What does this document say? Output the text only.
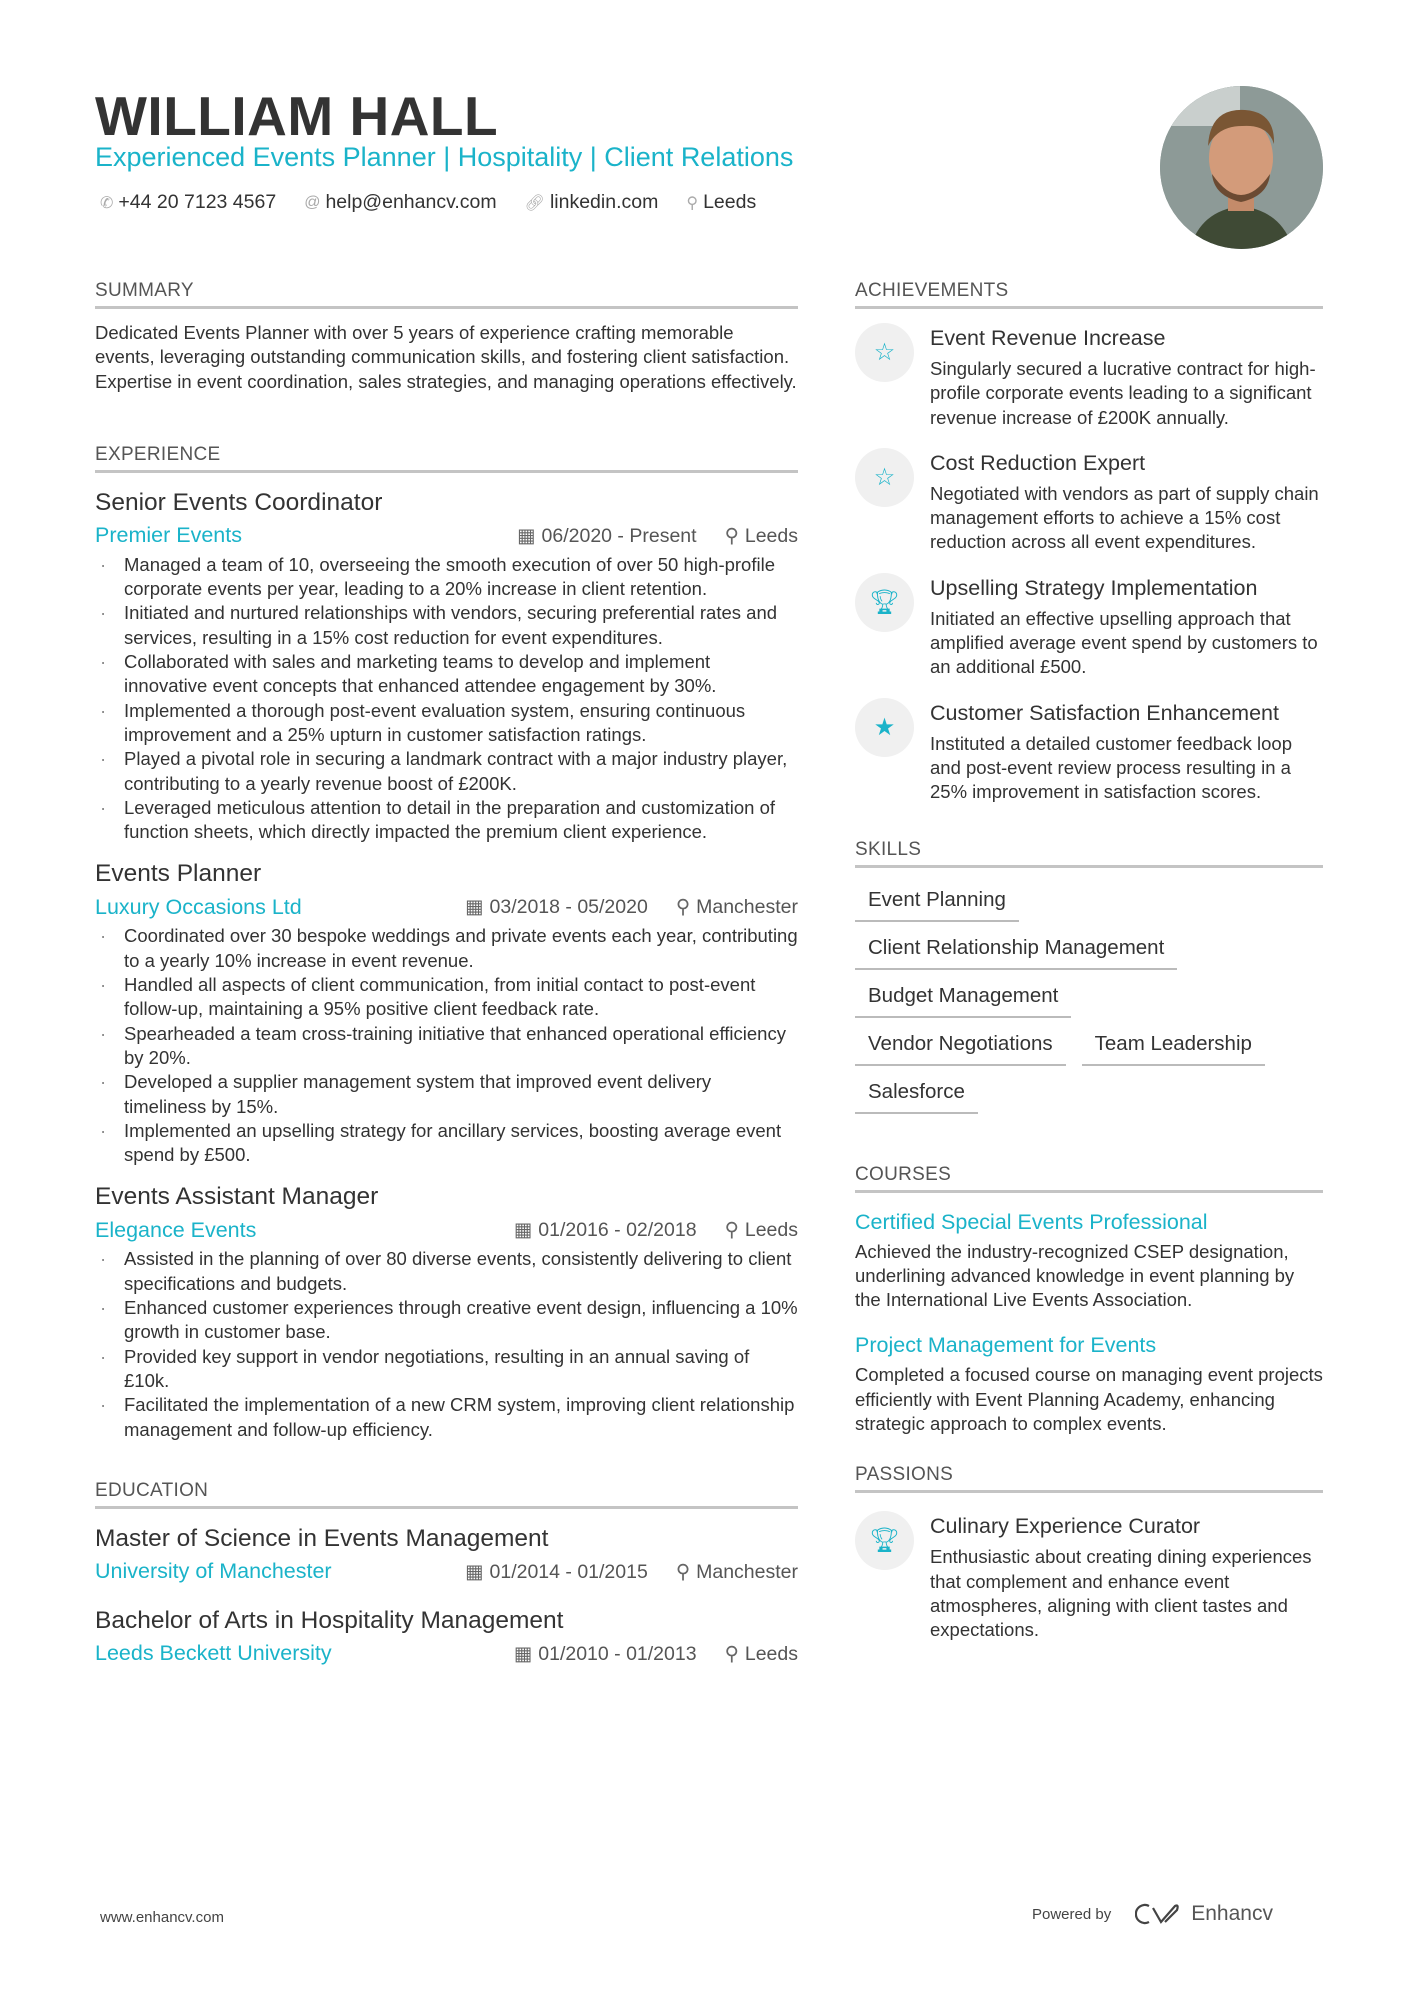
WILLIAM HALL
Experienced Events Planner | Hospitality | Client Relations
✆ +44 20 7123 4567 @ help@enhancv.com 🔗︎ linkedin.com ⚲ Leeds
SUMMARY

Dedicated Events Planner with over 5 years of experience crafting memorable events, leveraging outstanding communication skills, and fostering client satisfaction. Expertise in event coordination, sales strategies, and managing operations effectively.

EXPERIENCE
Senior Events Coordinator
Premier Events	▦ 06/2020 - Present ⚲ Leeds
· Managed a team of 10, overseeing the smooth execution of over 50 high-profile corporate events per year, leading to a 20% increase in client retention.
· Initiated and nurtured relationships with vendors, securing preferential rates and services, resulting in a 15% cost reduction for event expenditures.
· Collaborated with sales and marketing teams to develop and implement innovative event concepts that enhanced attendee engagement by 30%.
· Implemented a thorough post-event evaluation system, ensuring continuous improvement and a 25% upturn in customer satisfaction ratings.
· Played a pivotal role in securing a landmark contract with a major industry player, contributing to a yearly revenue boost of £200K.
· Leveraged meticulous attention to detail in the preparation and customization of function sheets, which directly impacted the premium client experience.
Events Planner
Luxury Occasions Ltd	▦ 03/2018 - 05/2020 ⚲ Manchester
· Coordinated over 30 bespoke weddings and private events each year, contributing to a yearly 10% increase in event revenue.
· Handled all aspects of client communication, from initial contact to post-event follow-up, maintaining a 95% positive client feedback rate.
· Spearheaded a team cross-training initiative that enhanced operational efficiency by 20%.
· Developed a supplier management system that improved event delivery timeliness by 15%.
· Implemented an upselling strategy for ancillary services, boosting average event spend by £500.
Events Assistant Manager
Elegance Events	▦ 01/2016 - 02/2018 ⚲ Leeds
· Assisted in the planning of over 80 diverse events, consistently delivering to client specifications and budgets.
· Enhanced customer experiences through creative event design, influencing a 10% growth in customer base.
· Provided key support in vendor negotiations, resulting in an annual saving of £10k.
· Facilitated the implementation of a new CRM system, improving client relationship management and follow-up efficiency.
EDUCATION
Master of Science in Events Management
University of Manchester	▦ 01/2014 - 01/2015 ⚲ Manchester
Bachelor of Arts in Hospitality Management
Leeds Beckett University	▦ 01/2010 - 01/2013 ⚲ Leeds
ACHIEVEMENTS
☆
Event Revenue Increase
Singularly secured a lucrative contract for high-profile corporate events leading to a significant revenue increase of £200K annually.
☆
Cost Reduction Expert
Negotiated with vendors as part of supply chain management efforts to achieve a 15% cost reduction across all event expenditures.
🏆︎
Upselling Strategy Implementation
Initiated an effective upselling approach that amplified average event spend by customers to an additional £500.
★
Customer Satisfaction Enhancement
Instituted a detailed customer feedback loop and post-event review process resulting in a 25% improvement in satisfaction scores.
SKILLS
Event Planning
Client Relationship Management
Budget Management
Vendor Negotiations	Team Leadership
Salesforce
COURSES
Certified Special Events Professional
Achieved the industry-recognized CSEP designation, underlining advanced knowledge in event planning by the International Live Events Association.
Project Management for Events
Completed a focused course on managing event projects efficiently with Event Planning Academy, enhancing strategic approach to complex events.
PASSIONS
🏆︎
Culinary Experience Curator
Enthusiastic about creating dining experiences that complement and enhance event atmospheres, aligning with client tastes and expectations.
www.enhancv.com	Powered by	Enhancv
